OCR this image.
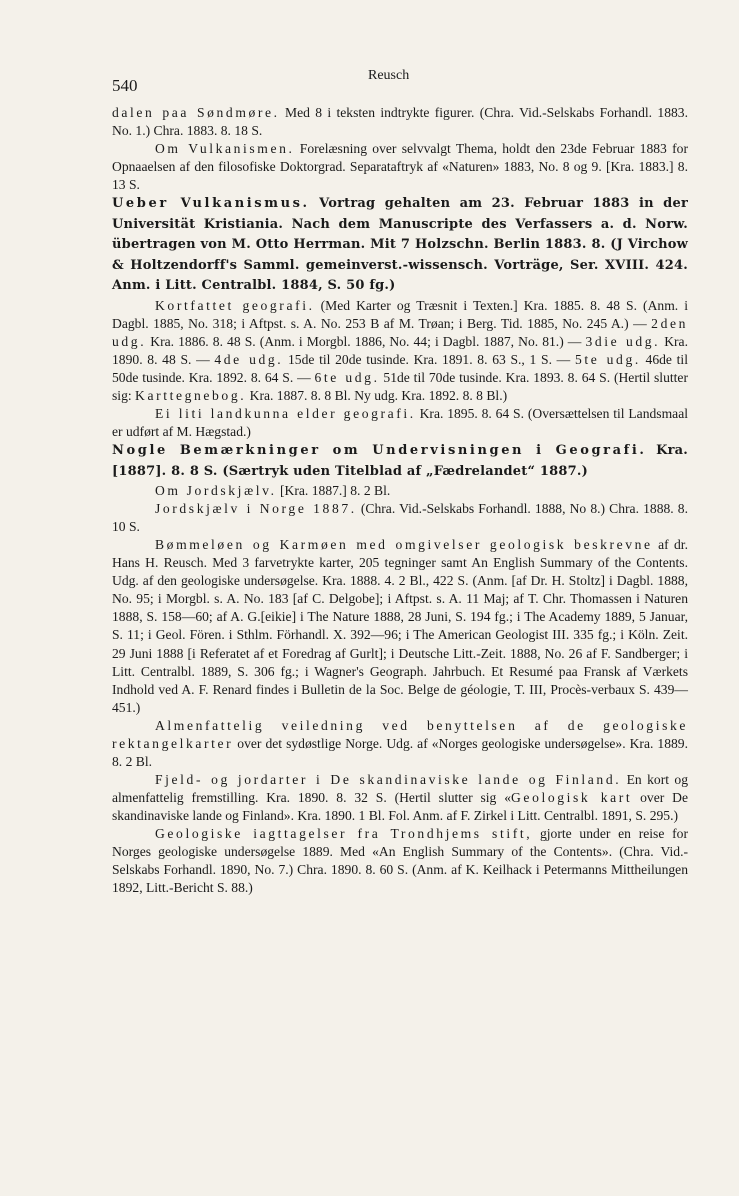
540
Reusch

dalen paa Søndmøre. Med 8 i teksten indtrykte figurer. (Chra. Vid.-Selskabs Forhandl. 1883. No. 1.) Chra. 1883. 8. 18 S.

Om Vulkanismen. Forelæsning over selvvalgt Thema, holdt den 23de Februar 1883 for Opnaaelsen af den filosofiske Doktorgrad. Separataftryk af «Naturen» 1883, No. 8 og 9. [Kra. 1883.] 8. 13 S.

Ueber Vulkanismus. Vortrag gehalten am 23. Februar 1883 in der Universität Kristiania. Nach dem Manuscripte des Verfassers a. d. Norw. übertragen von M. Otto Herrman. Mit 7 Holzschn. Berlin 1883. 8. (J Virchow & Holtzendorff's Samml. gemeinverst.-wissensch. Vorträge, Ser. XVIII. 424. Anm. i Litt. Centralbl. 1884, S. 50 fg.)

Kortfattet geografi. (Med Karter og Træsnit i Texten.] Kra. 1885. 8. 48 S. (Anm. i Dagbl. 1885, No. 318; i Aftpst. s. A. No. 253 B af M. Trøan; i Berg. Tid. 1885, No. 245 A.) — 2den udg. Kra. 1886. 8. 48 S. (Anm. i Morgbl. 1886, No. 44; i Dagbl. 1887, No. 81.) — 3die udg. Kra. 1890. 8. 48 S. — 4de udg. 15de til 20de tusinde. Kra. 1891. 8. 63 S., 1 S. — 5te udg. 46de til 50de tusinde. Kra. 1892. 8. 64 S. — 6te udg. 51de til 70de tusinde. Kra. 1893. 8. 64 S. (Hertil slutter sig: Karttegnebog. Kra. 1887. 8. 8 Bl. Ny udg. Kra. 1892. 8. 8 Bl.)

Ei liti landkunna elder geografi. Kra. 1895. 8. 64 S. (Oversættelsen til Landsmaal er udført af M. Hægstad.)

Nogle Bemærkninger om Undervisningen i Geografi. Kra. [1887]. 8. 8 S. (Særtryk uden Titelblad af „Fædrelandet“ 1887.)

Om Jordskjælv. [Kra. 1887.] 8. 2 Bl.

Jordskjælv i Norge 1887. (Chra. Vid.-Selskabs Forhandl. 1888, No 8.) Chra. 1888. 8. 10 S.

Bømmeløen og Karmøen med omgivelser geologisk beskrevne af dr. Hans H. Reusch. Med 3 farvetrykte karter, 205 tegninger samt An English Summary of the Contents. Udg. af den geologiske undersøgelse. Kra. 1888. 4. 2 Bl., 422 S. (Anm. [af Dr. H. Stoltz] i Dagbl. 1888, No. 95; i Morgbl. s. A. No. 183 [af C. Delgobe]; i Aftpst. s. A. 11 Maj; af T. Chr. Thomassen i Naturen 1888, S. 158—60; af A. G.[eikie] i The Nature 1888, 28 Juni, S. 194 fg.; i The Academy 1889, 5 Januar, S. 11; i Geol. Fören. i Sthlm. Förhandl. X. 392—96; i The American Geologist III. 335 fg.; i Köln. Zeit. 29 Juni 1888 [i Referatet af et Foredrag af Gurlt]; i Deutsche Litt.-Zeit. 1888, No. 26 af F. Sandberger; i Litt. Centralbl. 1889, S. 306 fg.; i Wagner's Geograph. Jahrbuch. Et Resumé paa Fransk af Værkets Indhold ved A. F. Renard findes i Bulletin de la Soc. Belge de géologie, T. III, Procès-verbaux S. 439—451.)

Almenfattelig veiledning ved benyttelsen af de geologiske rektangelkarter over det sydøstlige Norge. Udg. af «Norges geologiske undersøgelse». Kra. 1889. 8. 2 Bl.

Fjeld- og jordarter i De skandinaviske lande og Finland. En kort og almenfattelig fremstilling. Kra. 1890. 8. 32 S. (Hertil slutter sig «Geologisk kart over De skandinaviske lande og Finland». Kra. 1890. 1 Bl. Fol. Anm. af F. Zirkel i Litt. Centralbl. 1891, S. 295.)

Geologiske iagttagelser fra Trondhjems stift, gjorte under en reise for Norges geologiske undersøgelse 1889. Med «An English Summary of the Contents». (Chra. Vid.-Selskabs Forhandl. 1890, No. 7.) Chra. 1890. 8. 60 S. (Anm. af K. Keilhack i Petermanns Mittheilungen 1892, Litt.-Bericht S. 88.)
